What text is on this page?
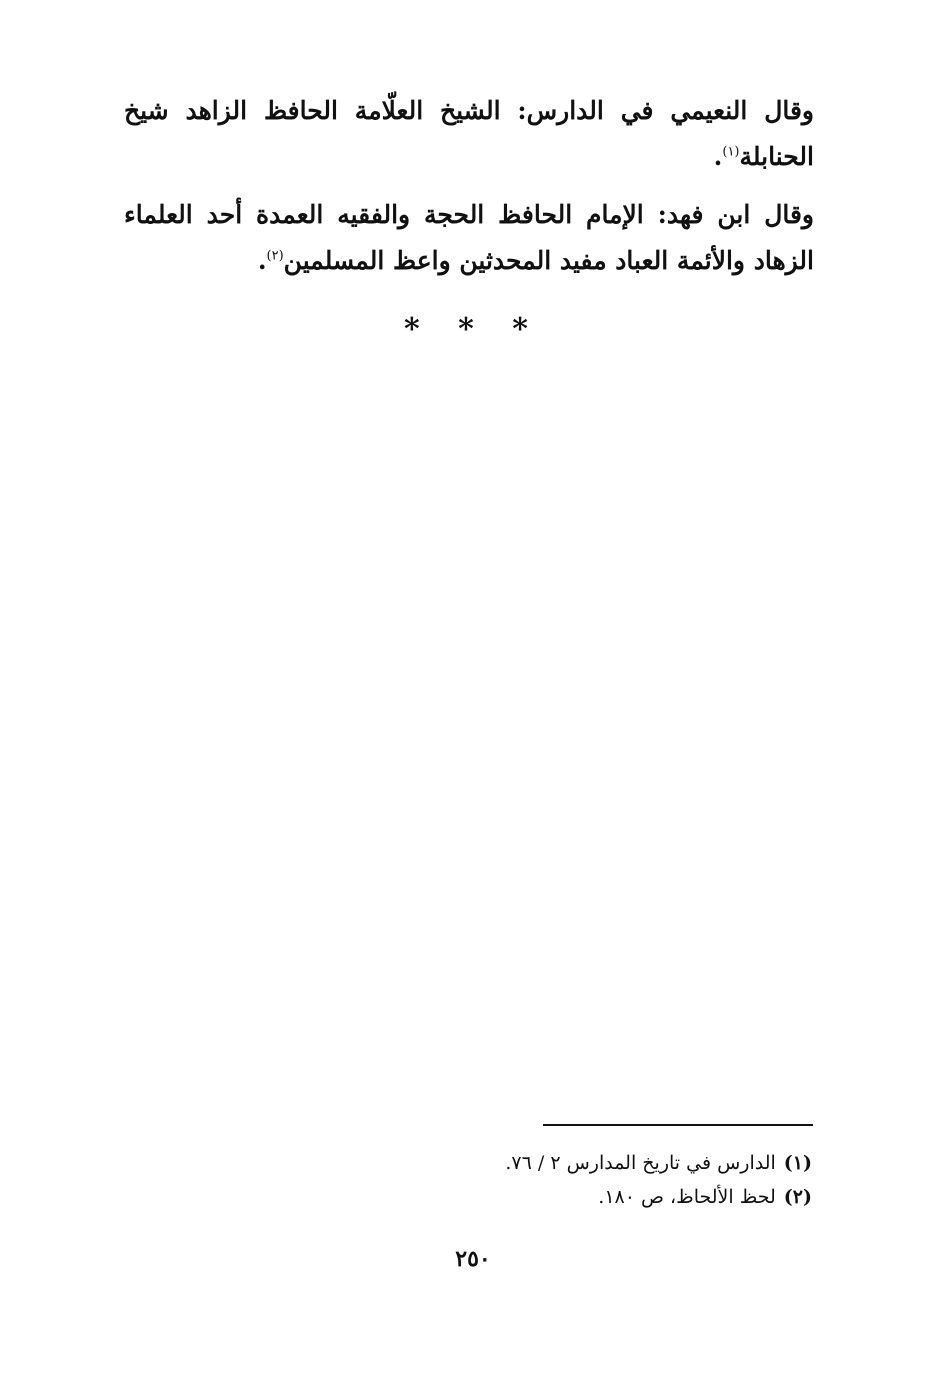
وقال النعيمي في الدارس: الشيخ العلّامة الحافظ الزاهد شيخ الحنابلة$^{(١)}$.

وقال ابن فهد: الإمام الحافظ الحجة والفقيه العمدة أحد العلماء الزهاد والأئمة العباد مفيد المحدثين واعظ المسلمين$^{(٢)}$.

* * *
(١)الدارس في تاريخ المدارس ٢ / ٧٦.
(٢)لحظ الألحاظ، ص ١٨٠.
٢٥٠
